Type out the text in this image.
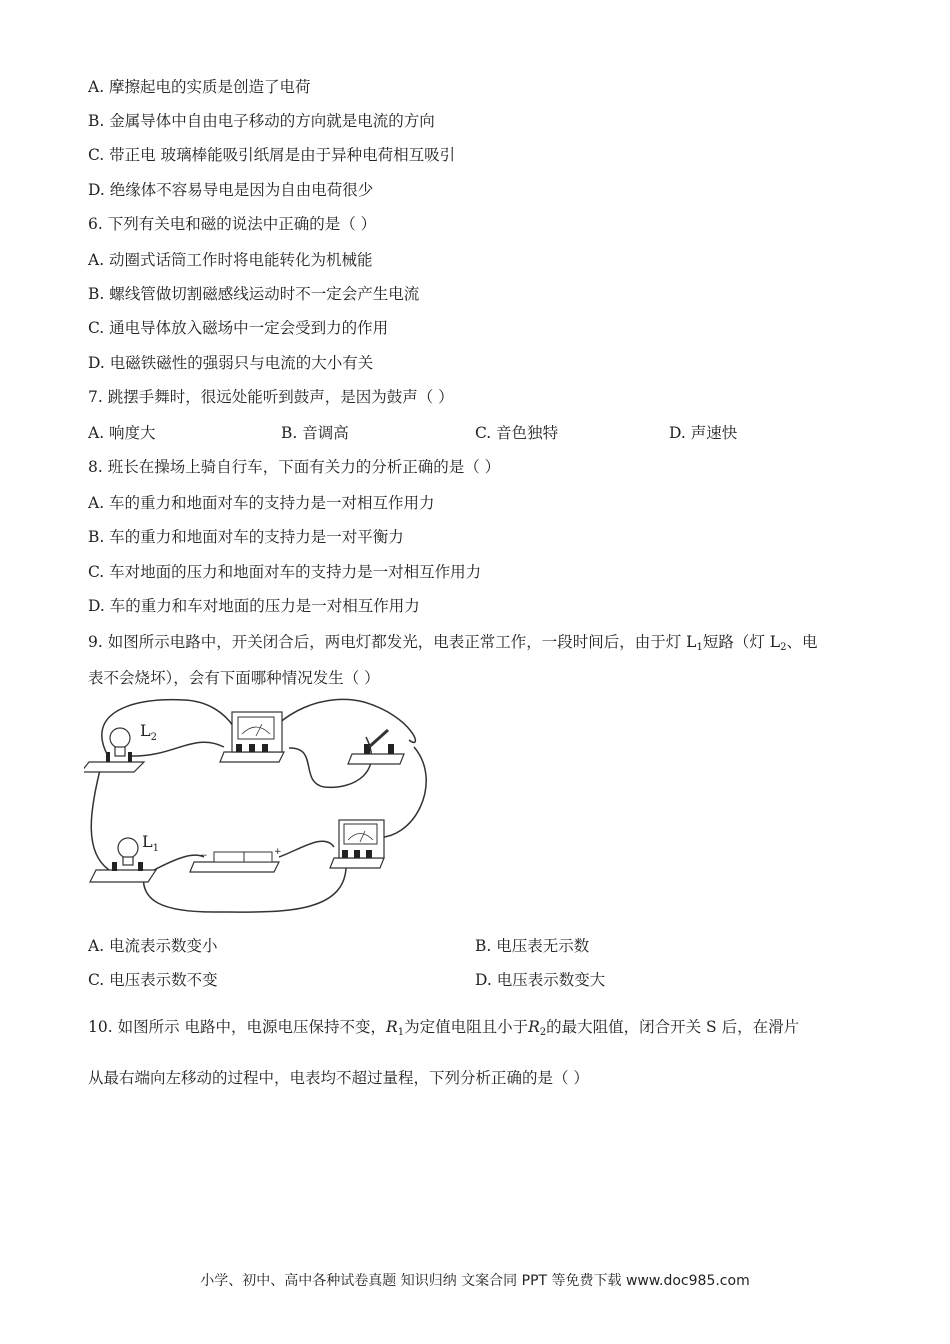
A. 摩擦起电的实质是创造了电荷
B. 金属导体中自由电子移动的方向就是电流的方向
C. 带正电 玻璃棒能吸引纸屑是由于异种电荷相互吸引
D. 绝缘体不容易导电是因为自由电荷很少
6. 下列有关电和磁的说法中正确的是（ ）
A. 动圈式话筒工作时将电能转化为机械能
B. 螺线管做切割磁感线运动时不一定会产生电流
C. 通电导体放入磁场中一定会受到力的作用
D. 电磁铁磁性的强弱只与电流的大小有关
7. 跳摆手舞时，很远处能听到鼓声，是因为鼓声（ ）
A. 响度大	B. 音调高	C. 音色独特	D. 声速快
8. 班长在操场上骑自行车，下面有关力的分析正确的是（ ）
A. 车的重力和地面对车的支持力是一对相互作用力
B. 车的重力和地面对车的支持力是一对平衡力
C. 车对地面的压力和地面对车的支持力是一对相互作用力
D. 车的重力和车对地面的压力是一对相互作用力
9. 如图所示电路中，开关闭合后，两电灯都发光，电表正常工作，一段时间后，由于灯 $L_1$短路（灯 $L_2$、电
表不会烧坏），会有下面哪种情况发生（ ）
$L_2$
$L_1$
−	+
A. 电流表示数变小	B. 电压表无示数
C. 电压表示数不变	D. 电压表示数变大
10. 如图所示 电路中，电源电压保持不变，$R_1$为定值电阻且小于$R_2$的最大阻值，闭合开关 S 后，在滑片
从最右端向左移动的过程中，电表均不超过量程，下列分析正确的是（ ）
小学、初中、高中各种试卷真题 知识归纳 文案合同 PPT 等免费下载 www.doc985.com
